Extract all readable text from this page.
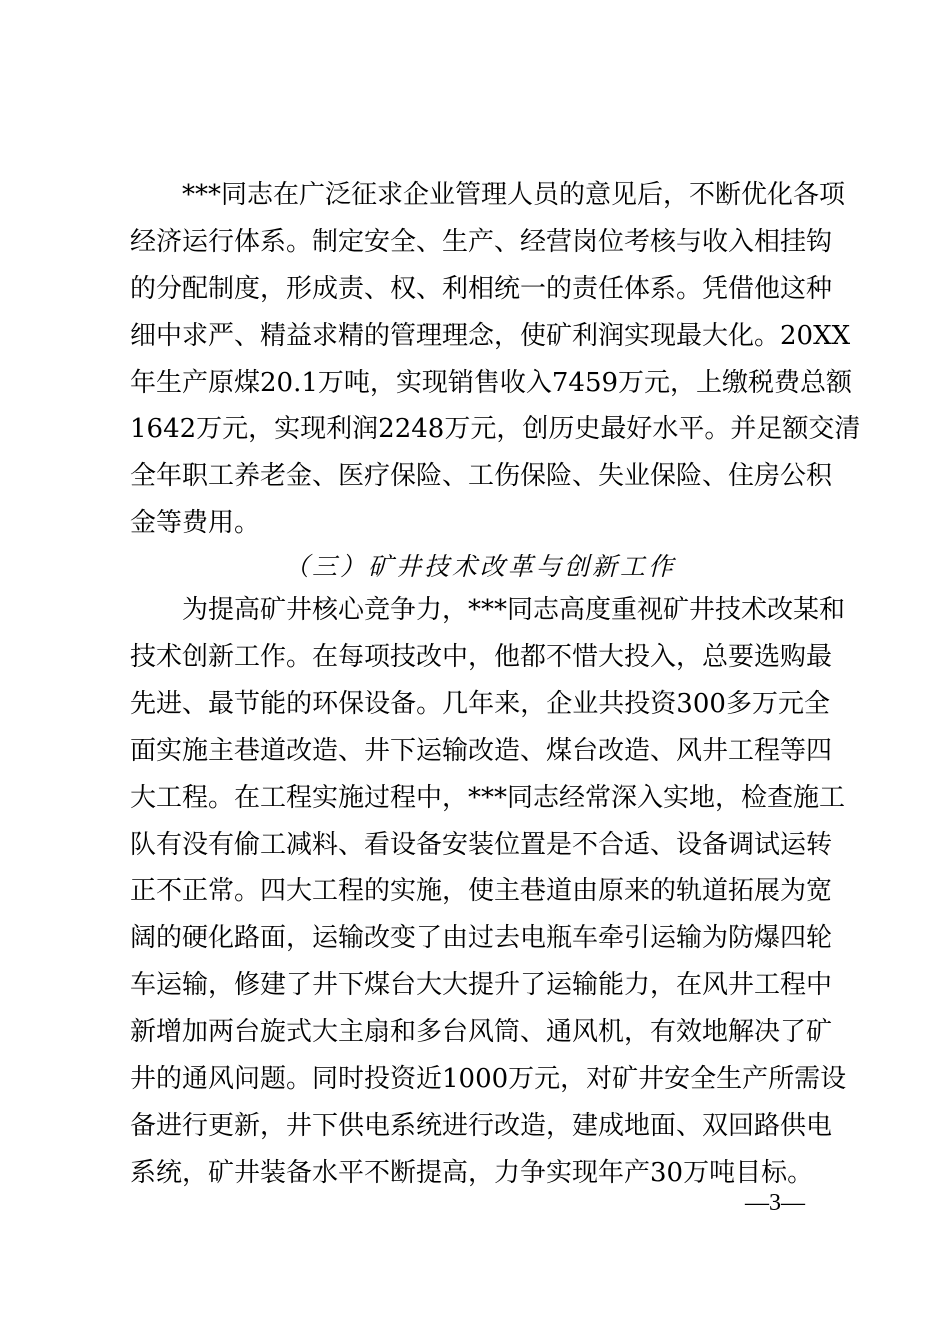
***同志在广泛征求企业管理人员的意见后，不断优化各项
经济运行体系。制定安全、生产、经营岗位考核与收入相挂钩
的分配制度，形成责、权、利相统一的责任体系。凭借他这种
细中求严、精益求精的管理理念，使矿利润实现最大化。20XX
年生产原煤20.1万吨，实现销售收入7459万元，上缴税费总额
1642万元，实现利润2248万元，创历史最好水平。并足额交清
全年职工养老金、医疗保险、工伤保险、失业保险、住房公积
金等费用。
（三）矿井技术改革与创新工作
为提高矿井核心竞争力，***同志高度重视矿井技术改某和
技术创新工作。在每项技改中，他都不惜大投入，总要选购最
先进、最节能的环保设备。几年来，企业共投资300多万元全
面实施主巷道改造、井下运输改造、煤台改造、风井工程等四
大工程。在工程实施过程中，***同志经常深入实地，检查施工
队有没有偷工减料、看设备安装位置是不合适、设备调试运转
正不正常。四大工程的实施，使主巷道由原来的轨道拓展为宽
阔的硬化路面，运输改变了由过去电瓶车牵引运输为防爆四轮
车运输，修建了井下煤台大大提升了运输能力，在风井工程中
新增加两台旋式大主扇和多台风筒、通风机，有效地解决了矿
井的通风问题。同时投资近1000万元，对矿井安全生产所需设
备进行更新，井下供电系统进行改造，建成地面、双回路供电
系统，矿井装备水平不断提高，力争实现年产30万吨目标。
—3—
